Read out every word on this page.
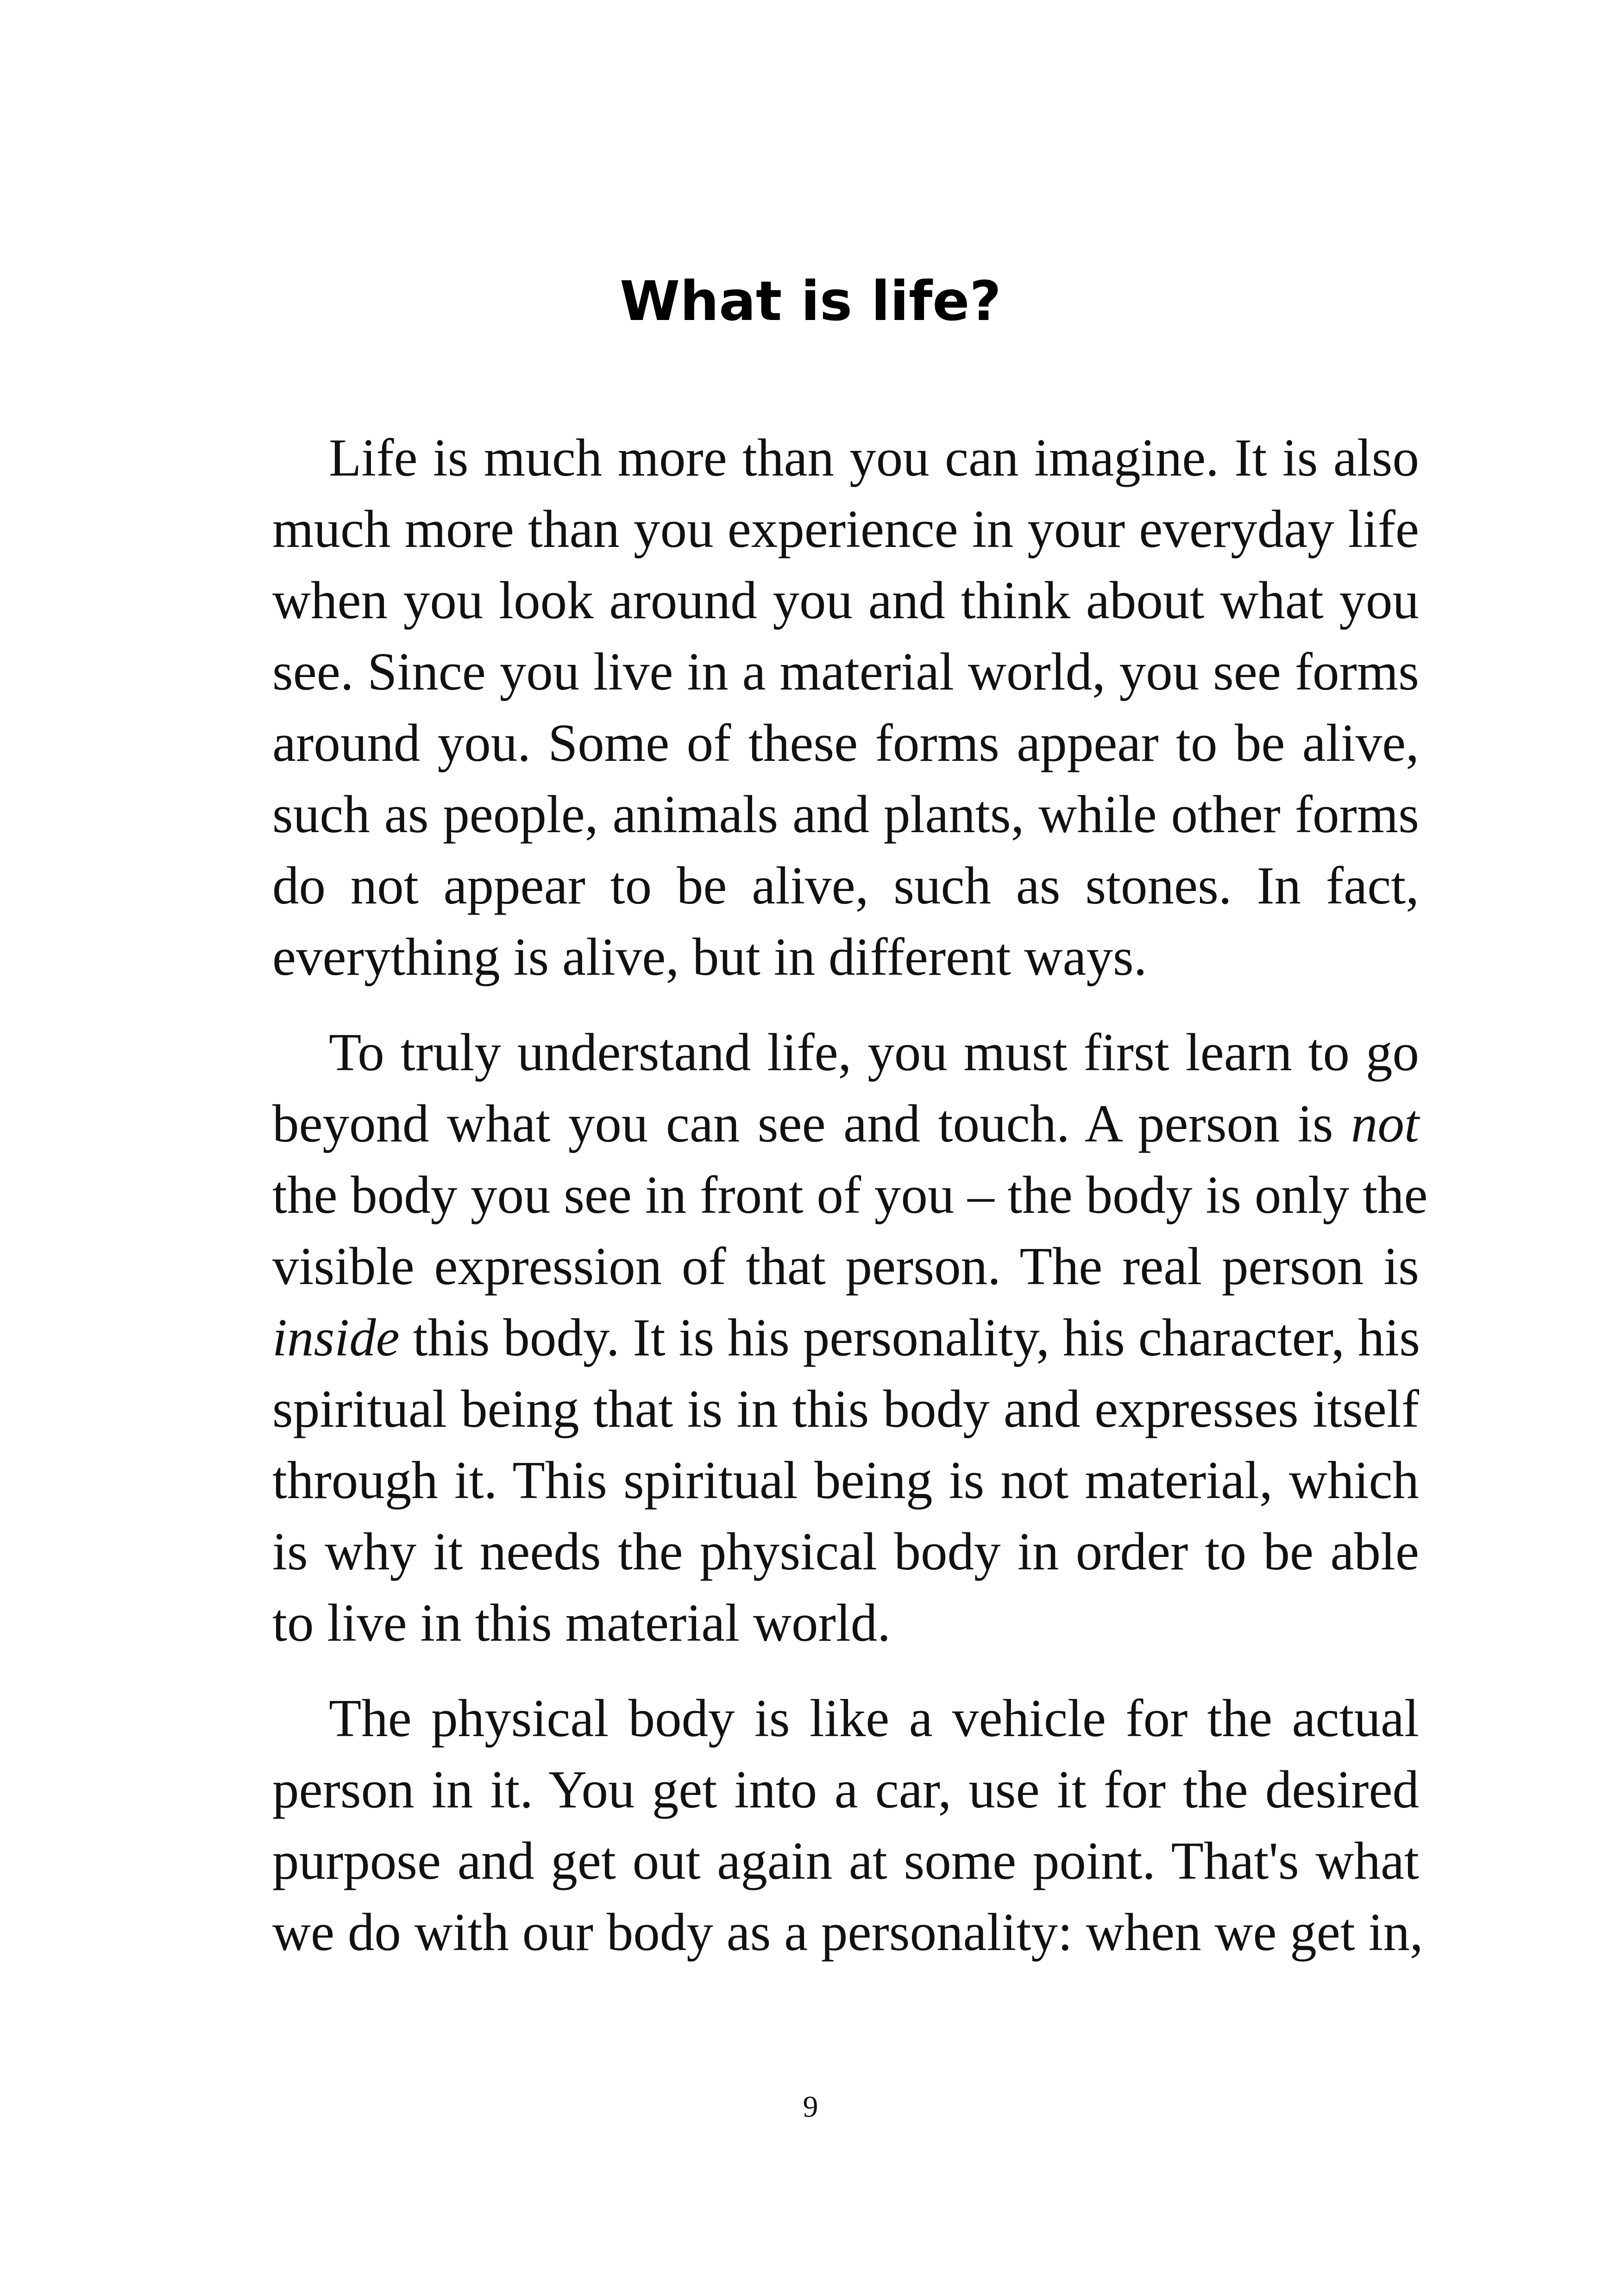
What is life?
Life is much more than you can imagine. It is also
much more than you experience in your everyday life
when you look around you and think about what you
see. Since you live in a material world, you see forms
around you. Some of these forms appear to be alive,
such as people, animals and plants, while other forms
do not appear to be alive, such as stones. In fact,
everything is alive, but in different ways.
To truly understand life, you must first learn to go
beyond what you can see and touch. A person is not
the body you see in front of you – the body is only the
visible expression of that person. The real person is
inside this body. It is his personality, his character, his
spiritual being that is in this body and expresses itself
through it. This spiritual being is not material, which
is why it needs the physical body in order to be able
to live in this material world.
The physical body is like a vehicle for the actual
person in it. You get into a car, use it for the desired
purpose and get out again at some point. That's what
we do with our body as a personality: when we get in,
9
